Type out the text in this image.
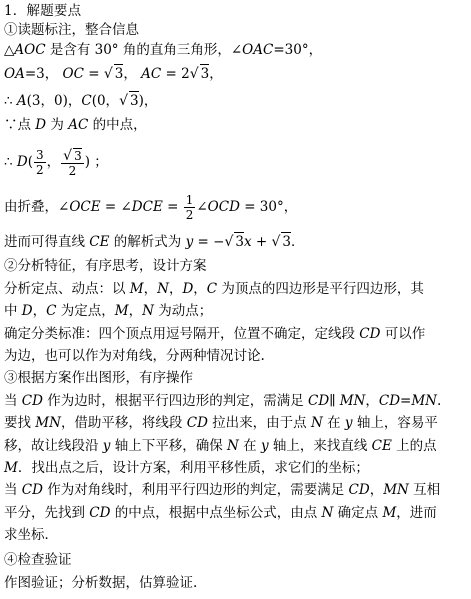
1．解题要点
①读题标注，整合信息
△AOC 是含有 30° 角的直角三角形，∠OAC=30°，
OA=3， OC = √ 3， AC = 2√ 3，
∴ A(3，0)，C(0，√ 3)，
∵点 D 为 AC 的中点，
∴ $D( \frac{3}{2}$ ， $\frac{√ 3}{2}$ ) ；
由折叠，∠OCE = ∠DCE = $\frac{1}{2}$ ∠OCD = 30°，
进而可得直线 CE 的解析式为 y = −√ 3x + √ 3．
②分析特征，有序思考，设计方案
分析定点、动点：以 M，N，D，C 为顶点的四边形是平行四边形，其
中 D，C 为定点，M，N 为动点；
确定分类标准：四个顶点用逗号隔开，位置不确定，定线段 CD 可以作
为边，也可以作为对角线，分两种情况讨论.
③根据方案作出图形，有序操作
当 CD 作为边时，根据平行四边形的判定，需满足 CD∥ MN，CD=MN.
要找 MN，借助平移，将线段 CD 拉出来，由于点 N 在 y 轴上，容易平
移，故让线段沿 y 轴上下平移，确保 N 在 y 轴上，来找直线 CE 上的点
M．找出点之后，设计方案，利用平移性质，求它们的坐标；
当 CD 作为对角线时，利用平行四边形的判定，需要满足 CD，MN 互相
平分，先找到 CD 的中点，根据中点坐标公式，由点 N 确定点 M，进而
求坐标．
④检查验证
作图验证；分析数据，估算验证.
